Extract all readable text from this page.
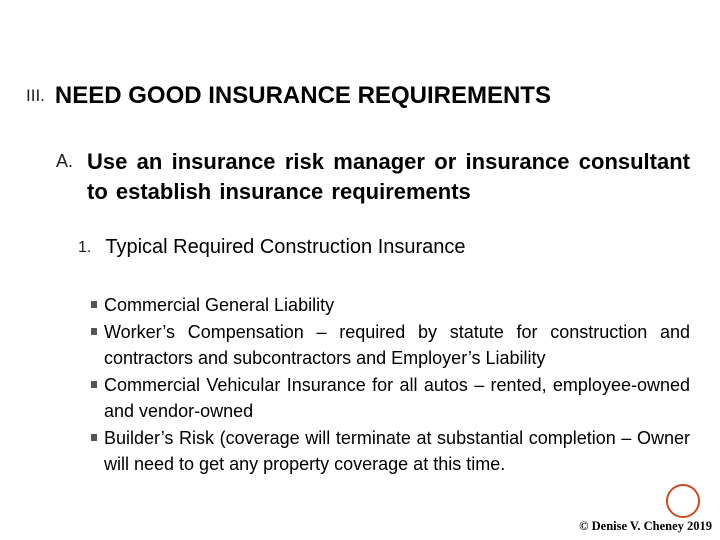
III. NEED GOOD INSURANCE REQUIREMENTS
A. Use an insurance risk manager or insurance consultant to establish insurance requirements
1. Typical Required Construction Insurance
Commercial General Liability
Worker’s Compensation – required by statute for construction and contractors and subcontractors and Employer’s Liability
Commercial Vehicular Insurance for all autos – rented, employee-owned and vendor-owned
Builder’s Risk (coverage will terminate at substantial completion – Owner will need to get any property coverage at this time.
© Denise V. Cheney 2019
